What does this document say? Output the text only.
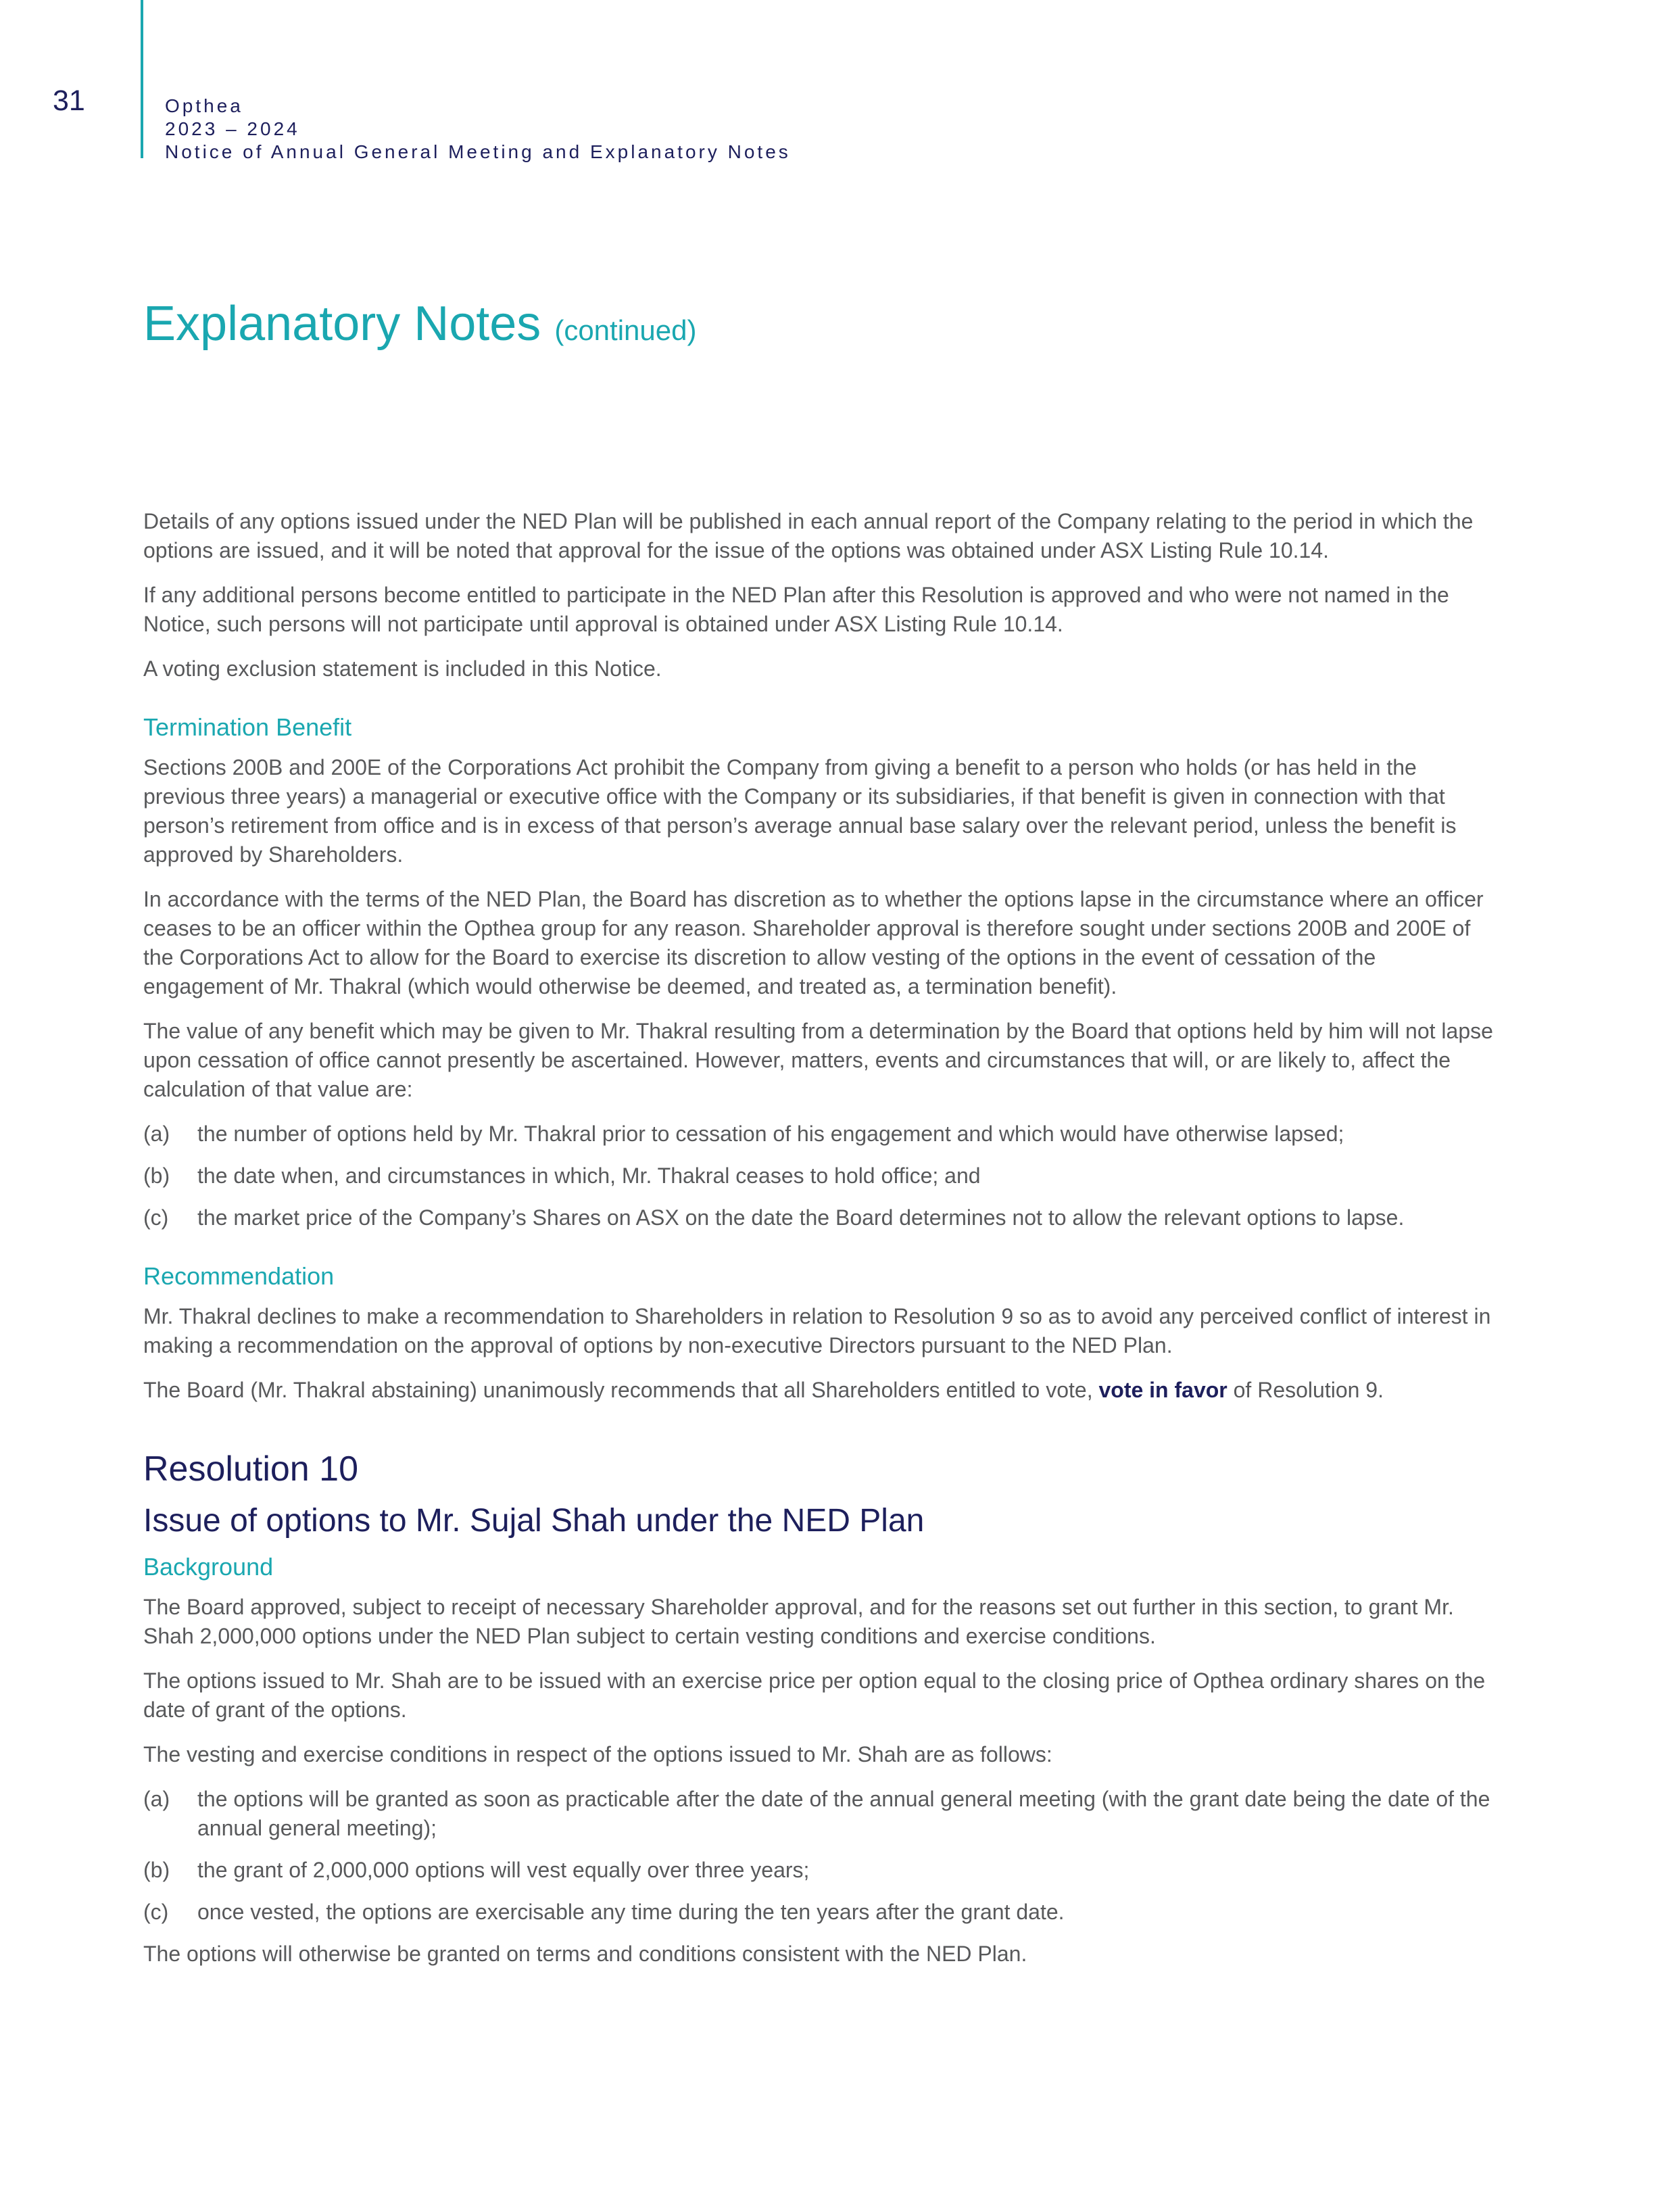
31	Opthea
2023 – 2024
Notice of Annual General Meeting and Explanatory Notes
Explanatory Notes (continued)

Details of any options issued under the NED Plan will be published in each annual report of the Company relating to the period in which the options are issued, and it will be noted that approval for the issue of the options was obtained under ASX Listing Rule 10.14.

If any additional persons become entitled to participate in the NED Plan after this Resolution is approved and who were not named in the Notice, such persons will not participate until approval is obtained under ASX Listing Rule 10.14.

A voting exclusion statement is included in this Notice.

Termination Benefit

Sections 200B and 200E of the Corporations Act prohibit the Company from giving a benefit to a person who holds (or has held in the previous three years) a managerial or executive office with the Company or its subsidiaries, if that benefit is given in connection with that person’s retirement from office and is in excess of that person’s average annual base salary over the relevant period, unless the benefit is approved by Shareholders.

In accordance with the terms of the NED Plan, the Board has discretion as to whether the options lapse in the circumstance where an officer ceases to be an officer within the Opthea group for any reason. Shareholder approval is therefore sought under sections 200B and 200E of the Corporations Act to allow for the Board to exercise its discretion to allow vesting of the options in the event of cessation of the engagement of Mr. Thakral (which would otherwise be deemed, and treated as, a termination benefit).

The value of any benefit which may be given to Mr. Thakral resulting from a determination by the Board that options held by him will not lapse upon cessation of office cannot presently be ascertained. However, matters, events and circumstances that will, or are likely to, affect the calculation of that value are:

(a)	the number of options held by Mr. Thakral prior to cessation of his engagement and which would have otherwise lapsed;
(b)	the date when, and circumstances in which, Mr. Thakral ceases to hold office; and
(c)	the market price of the Company’s Shares on ASX on the date the Board determines not to allow the relevant options to lapse.
Recommendation

Mr. Thakral declines to make a recommendation to Shareholders in relation to Resolution 9 so as to avoid any perceived conflict of interest in making a recommendation on the approval of options by non-executive Directors pursuant to the NED Plan.

The Board (Mr. Thakral abstaining) unanimously recommends that all Shareholders entitled to vote, vote in favor of Resolution 9.

Resolution 10
Issue of options to Mr. Sujal Shah under the NED Plan
Background

The Board approved, subject to receipt of necessary Shareholder approval, and for the reasons set out further in this section, to grant Mr. Shah 2,000,000 options under the NED Plan subject to certain vesting conditions and exercise conditions.

The options issued to Mr. Shah are to be issued with an exercise price per option equal to the closing price of Opthea ordinary shares on the date of grant of the options.

The vesting and exercise conditions in respect of the options issued to Mr. Shah are as follows:

(a)	the options will be granted as soon as practicable after the date of the annual general meeting (with the grant date being the date of the annual general meeting);
(b)	the grant of 2,000,000 options will vest equally over three years;
(c)	once vested, the options are exercisable any time during the ten years after the grant date.

The options will otherwise be granted on terms and conditions consistent with the NED Plan.
